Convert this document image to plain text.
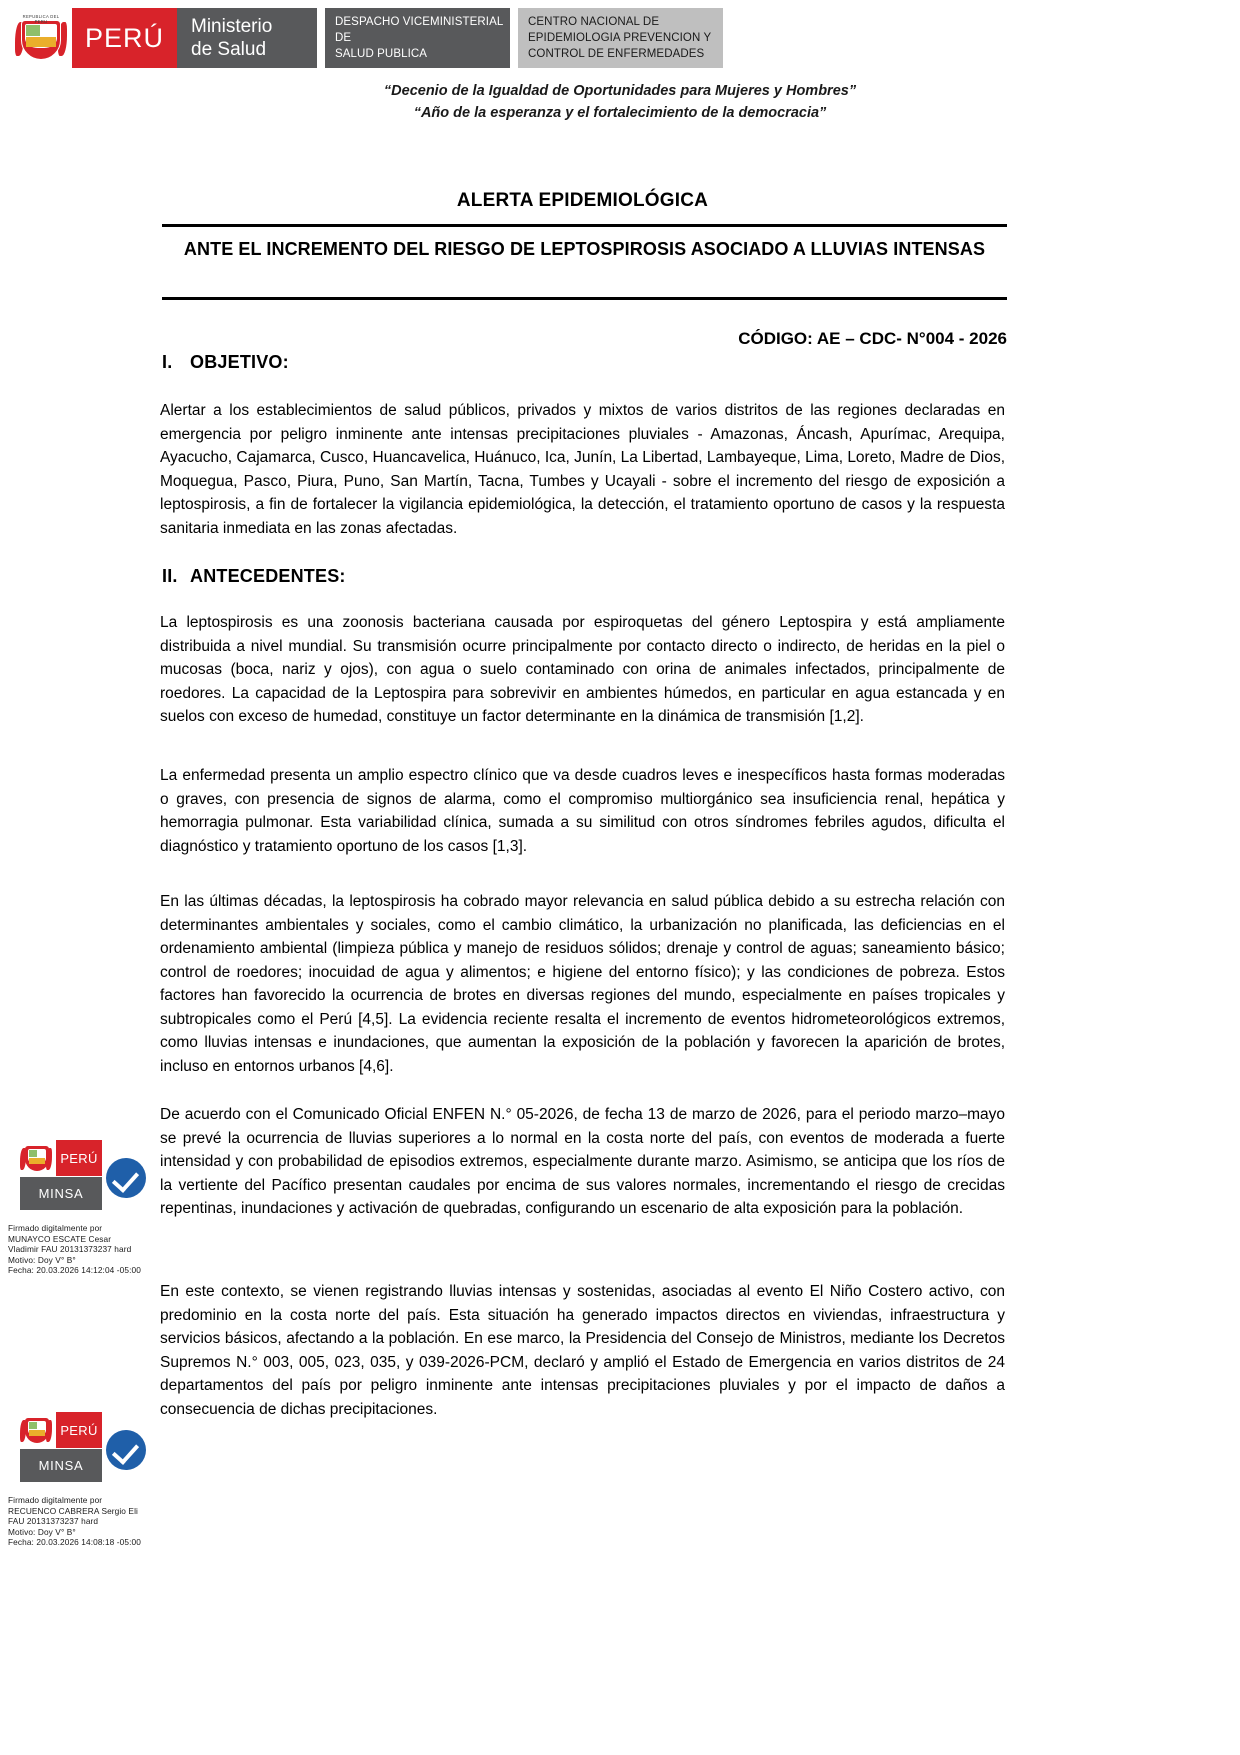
REPUBLICA DEL PERU
PERÚ Ministerio
de Salud
DESPACHO VICEMINISTERIAL DE
SALUD PUBLICA
CENTRO NACIONAL DE
EPIDEMIOLOGIA PREVENCION Y
CONTROL DE ENFERMEDADES
“Decenio de la Igualdad de Oportunidades para Mujeres y Hombres”
“Año de la esperanza y el fortalecimiento de la democracia”
ALERTA EPIDEMIOLÓGICA
ANTE EL INCREMENTO DEL RIESGO DE LEPTOSPIROSIS ASOCIADO A LLUVIAS INTENSAS
CÓDIGO: AE – CDC- N°004 - 2026
I. OBJETIVO:
Alertar a los establecimientos de salud públicos, privados y mixtos de varios distritos de las regiones declaradas en emergencia por peligro inminente ante intensas precipitaciones pluviales - Amazonas, Áncash, Apurímac, Arequipa, Ayacucho, Cajamarca, Cusco, Huancavelica, Huánuco, Ica, Junín, La Libertad, Lambayeque, Lima, Loreto, Madre de Dios, Moquegua, Pasco, Piura, Puno, San Martín, Tacna, Tumbes y Ucayali - sobre el incremento del riesgo de exposición a leptospirosis, a fin de fortalecer la vigilancia epidemiológica, la detección, el tratamiento oportuno de casos y la respuesta sanitaria inmediata en las zonas afectadas.
II. ANTECEDENTES:
La leptospirosis es una zoonosis bacteriana causada por espiroquetas del género Leptospira y está ampliamente distribuida a nivel mundial. Su transmisión ocurre principalmente por contacto directo o indirecto, de heridas en la piel o mucosas (boca, nariz y ojos), con agua o suelo contaminado con orina de animales infectados, principalmente de roedores. La capacidad de la Leptospira para sobrevivir en ambientes húmedos, en particular en agua estancada y en suelos con exceso de humedad, constituye un factor determinante en la dinámica de transmisión [1,2].
La enfermedad presenta un amplio espectro clínico que va desde cuadros leves e inespecíficos hasta formas moderadas o graves, con presencia de signos de alarma, como el compromiso multiorgánico sea insuficiencia renal, hepática y hemorragia pulmonar. Esta variabilidad clínica, sumada a su similitud con otros síndromes febriles agudos, dificulta el diagnóstico y tratamiento oportuno de los casos [1,3].
En las últimas décadas, la leptospirosis ha cobrado mayor relevancia en salud pública debido a su estrecha relación con determinantes ambientales y sociales, como el cambio climático, la urbanización no planificada, las deficiencias en el ordenamiento ambiental (limpieza pública y manejo de residuos sólidos; drenaje y control de aguas; saneamiento básico; control de roedores; inocuidad de agua y alimentos; e higiene del entorno físico); y las condiciones de pobreza. Estos factores han favorecido la ocurrencia de brotes en diversas regiones del mundo, especialmente en países tropicales y subtropicales como el Perú [4,5]. La evidencia reciente resalta el incremento de eventos hidrometeorológicos extremos, como lluvias intensas e inundaciones, que aumentan la exposición de la población y favorecen la aparición de brotes, incluso en entornos urbanos [4,6].
De acuerdo con el Comunicado Oficial ENFEN N.° 05-2026, de fecha 13 de marzo de 2026, para el periodo marzo–mayo se prevé la ocurrencia de lluvias superiores a lo normal en la costa norte del país, con eventos de moderada a fuerte intensidad y con probabilidad de episodios extremos, especialmente durante marzo. Asimismo, se anticipa que los ríos de la vertiente del Pacífico presentan caudales por encima de sus valores normales, incrementando el riesgo de crecidas repentinas, inundaciones y activación de quebradas, configurando un escenario de alta exposición para la población.
En este contexto, se vienen registrando lluvias intensas y sostenidas, asociadas al evento El Niño Costero activo, con predominio en la costa norte del país. Esta situación ha generado impactos directos en viviendas, infraestructura y servicios básicos, afectando a la población. En ese marco, la Presidencia del Consejo de Ministros, mediante los Decretos Supremos N.° 003, 005, 023, 035, y 039-2026-PCM, declaró y amplió el Estado de Emergencia en varios distritos de 24 departamentos del país por peligro inminente ante intensas precipitaciones pluviales y por el impacto de daños a consecuencia de dichas precipitaciones.
PERÚ
MINSA
Firmado digitalmente por
MUNAYCO ESCATE Cesar
Vladimir FAU 20131373237 hard
Motivo: Doy V° B°
Fecha: 20.03.2026 14:12:04 -05:00
PERÚ
MINSA
Firmado digitalmente por
RECUENCO CABRERA Sergio Eli
FAU 20131373237 hard
Motivo: Doy V° B°
Fecha: 20.03.2026 14:08:18 -05:00
